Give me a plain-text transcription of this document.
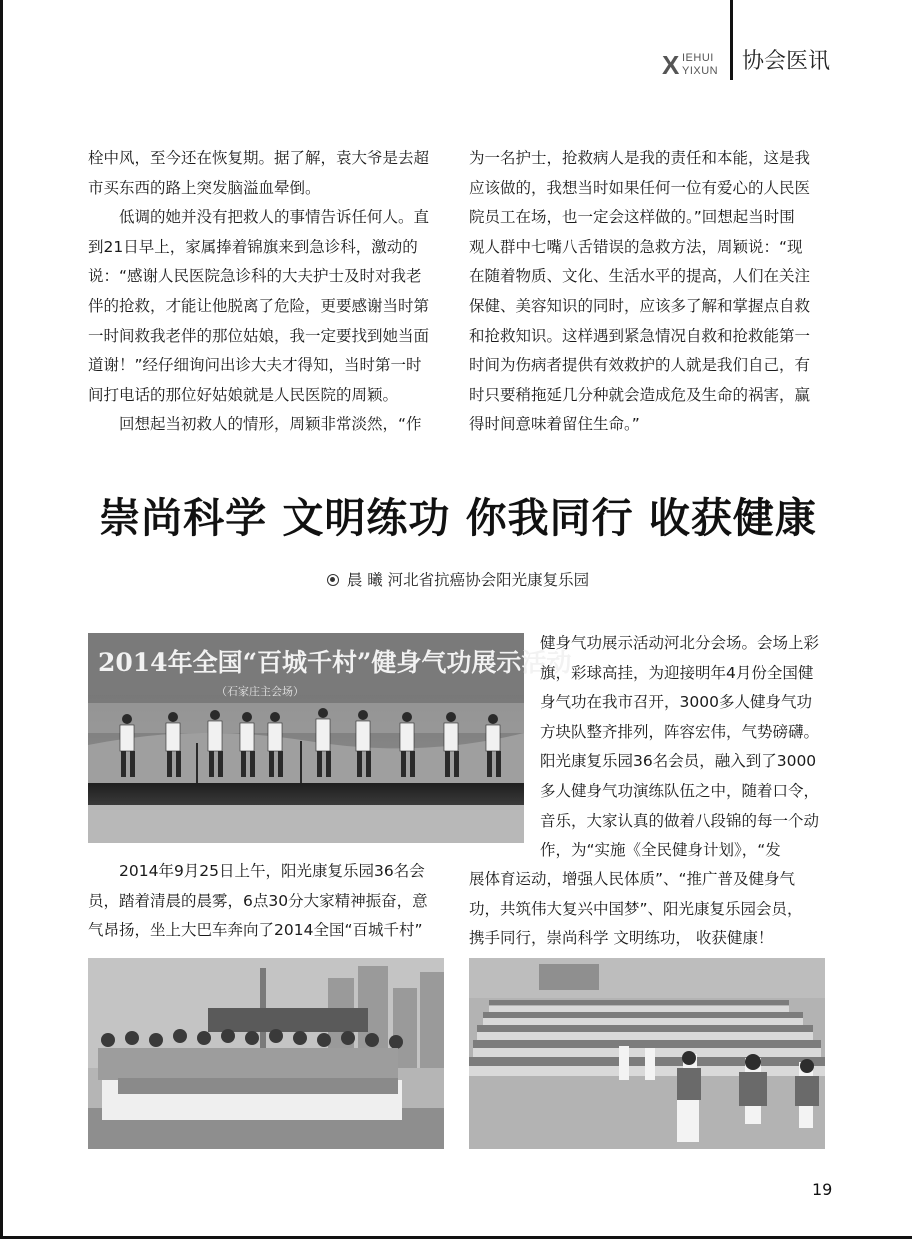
X IEHUI
YIXUN 协会医讯
栓中风，至今还在恢复期。据了解，袁大爷是去超
市买东西的路上突发脑溢血晕倒。
低调的她并没有把救人的事情告诉任何人。直
到21日早上，家属捧着锦旗来到急诊科，激动的
说：“感谢人民医院急诊科的大夫护士及时对我老
伴的抢救，才能让他脱离了危险，更要感谢当时第
一时间救我老伴的那位姑娘，我一定要找到她当面
道谢！”经仔细询问出诊大夫才得知，当时第一时
间打电话的那位好姑娘就是人民医院的周颖。
回想起当初救人的情形，周颖非常淡然，“作
为一名护士，抢救病人是我的责任和本能，这是我
应该做的，我想当时如果任何一位有爱心的人民医
院员工在场，也一定会这样做的。”回想起当时围
观人群中七嘴八舌错误的急救方法，周颖说：“现
在随着物质、文化、生活水平的提高，人们在关注
保健、美容知识的同时，应该多了解和掌握点自救
和抢救知识。这样遇到紧急情况自救和抢救能第一
时间为伤病者提供有效救护的人就是我们自己，有
时只要稍拖延几分种就会造成危及生命的祸害，赢
得时间意味着留住生命。”
崇尚科学 文明练功 你我同行 收获健康
晨 曦 河北省抗癌协会阳光康复乐园
2014年全国“百城千村”健身气功展示活动
（石家庄主会场）
健身气功展示活动河北分会场。会场上彩
旗，彩球高挂，为迎接明年4月份全国健
身气功在我市召开，3000多人健身气功
方块队整齐排列，阵容宏伟，气势磅礴。
阳光康复乐园36名会员，融入到了3000
多人健身气功演练队伍之中，随着口令，
音乐，大家认真的做着八段锦的每一个动
作，为“实施《全民健身计划》，“发
2014年9月25日上午，阳光康复乐园36名会
员，踏着清晨的晨雾，6点30分大家精神振奋，意
气昂扬，坐上大巴车奔向了2014全国“百城千村”
展体育运动，增强人民体质”、“推广普及健身气
功，共筑伟大复兴中国梦”、阳光康复乐园会员，
携手同行，崇尚科学 文明练功， 收获健康！
19
